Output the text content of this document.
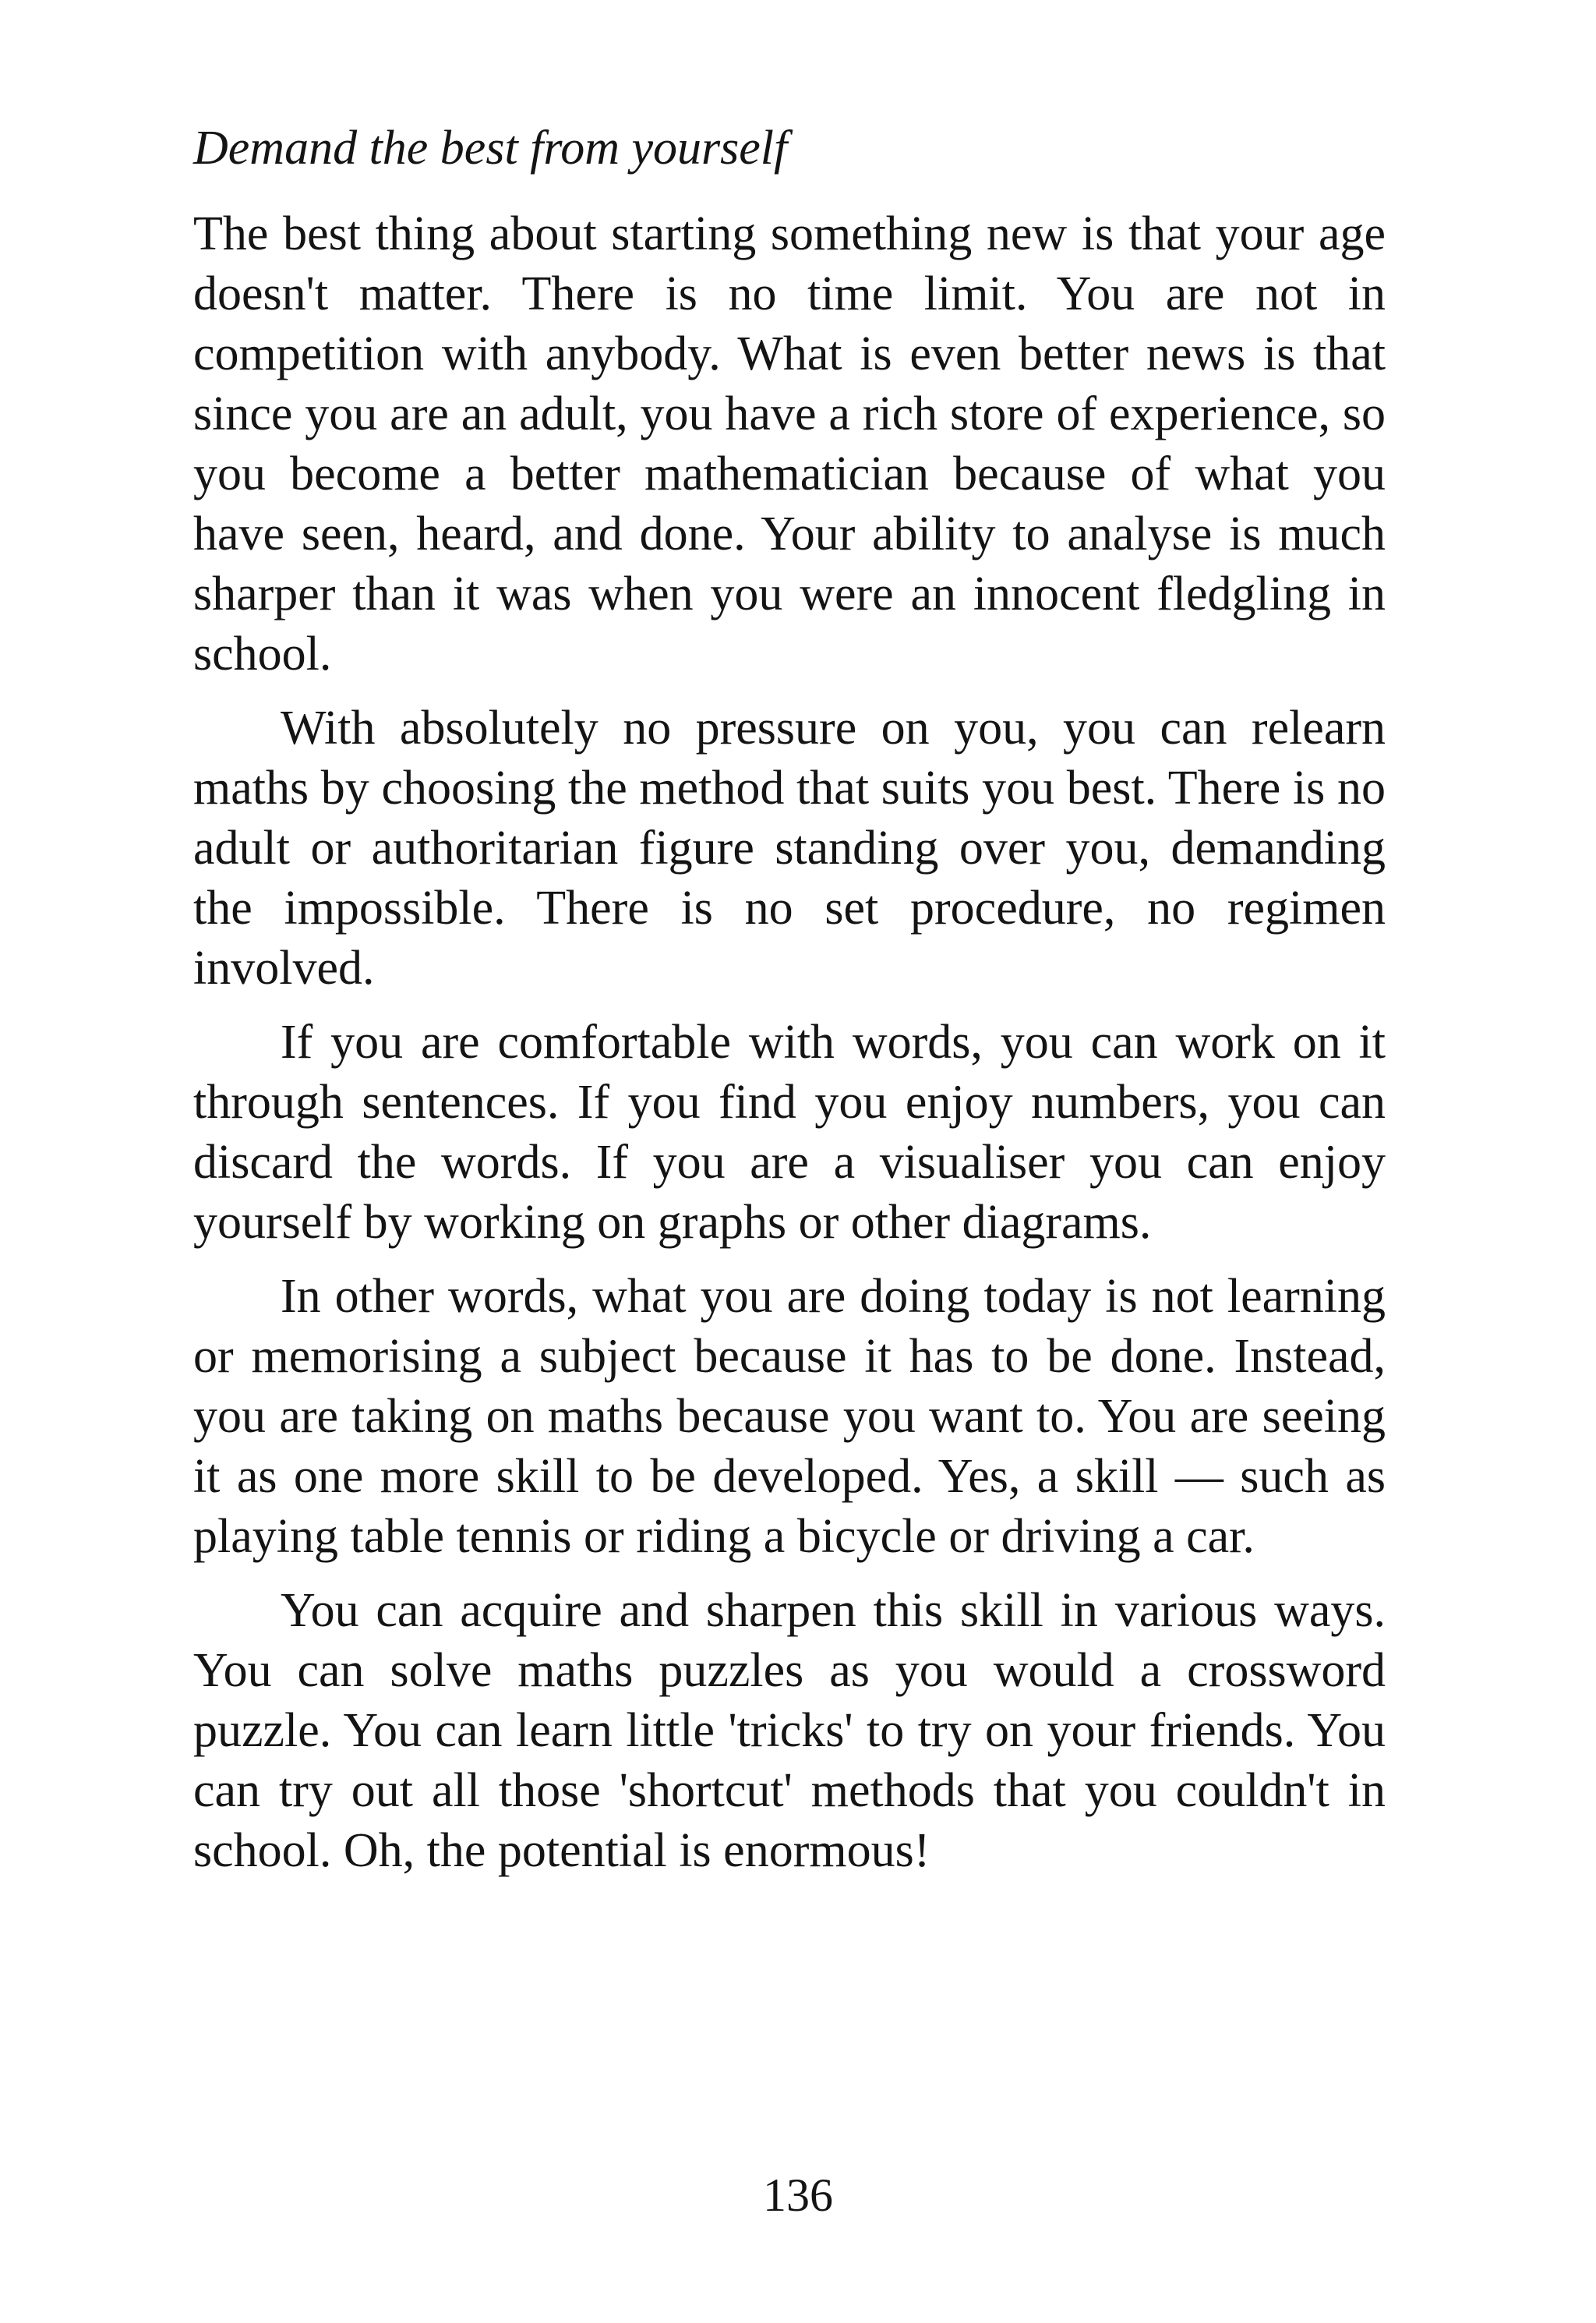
Demand the best from yourself

The best thing about starting something new is that your age doesn't matter. There is no time limit. You are not in competition with anybody. What is even better news is that since you are an adult, you have a rich store of experience, so you become a better mathematician because of what you have seen, heard, and done. Your ability to analyse is much sharper than it was when you were an innocent fledgling in school.

With absolutely no pressure on you, you can relearn maths by choosing the method that suits you best. There is no adult or authoritarian figure standing over you, demanding the impossible. There is no set procedure, no regimen involved.

If you are comfortable with words, you can work on it through sentences. If you find you enjoy numbers, you can discard the words. If you are a visualiser you can enjoy yourself by working on graphs or other diagrams.

In other words, what you are doing today is not learning or memorising a subject because it has to be done. Instead, you are taking on maths because you want to. You are seeing it as one more skill to be developed. Yes, a skill — such as playing table tennis or riding a bicycle or driving a car.

You can acquire and sharpen this skill in various ways. You can solve maths puzzles as you would a crossword puzzle. You can learn little 'tricks' to try on your friends. You can try out all those 'shortcut' methods that you couldn't in school. Oh, the potential is enormous!

136
